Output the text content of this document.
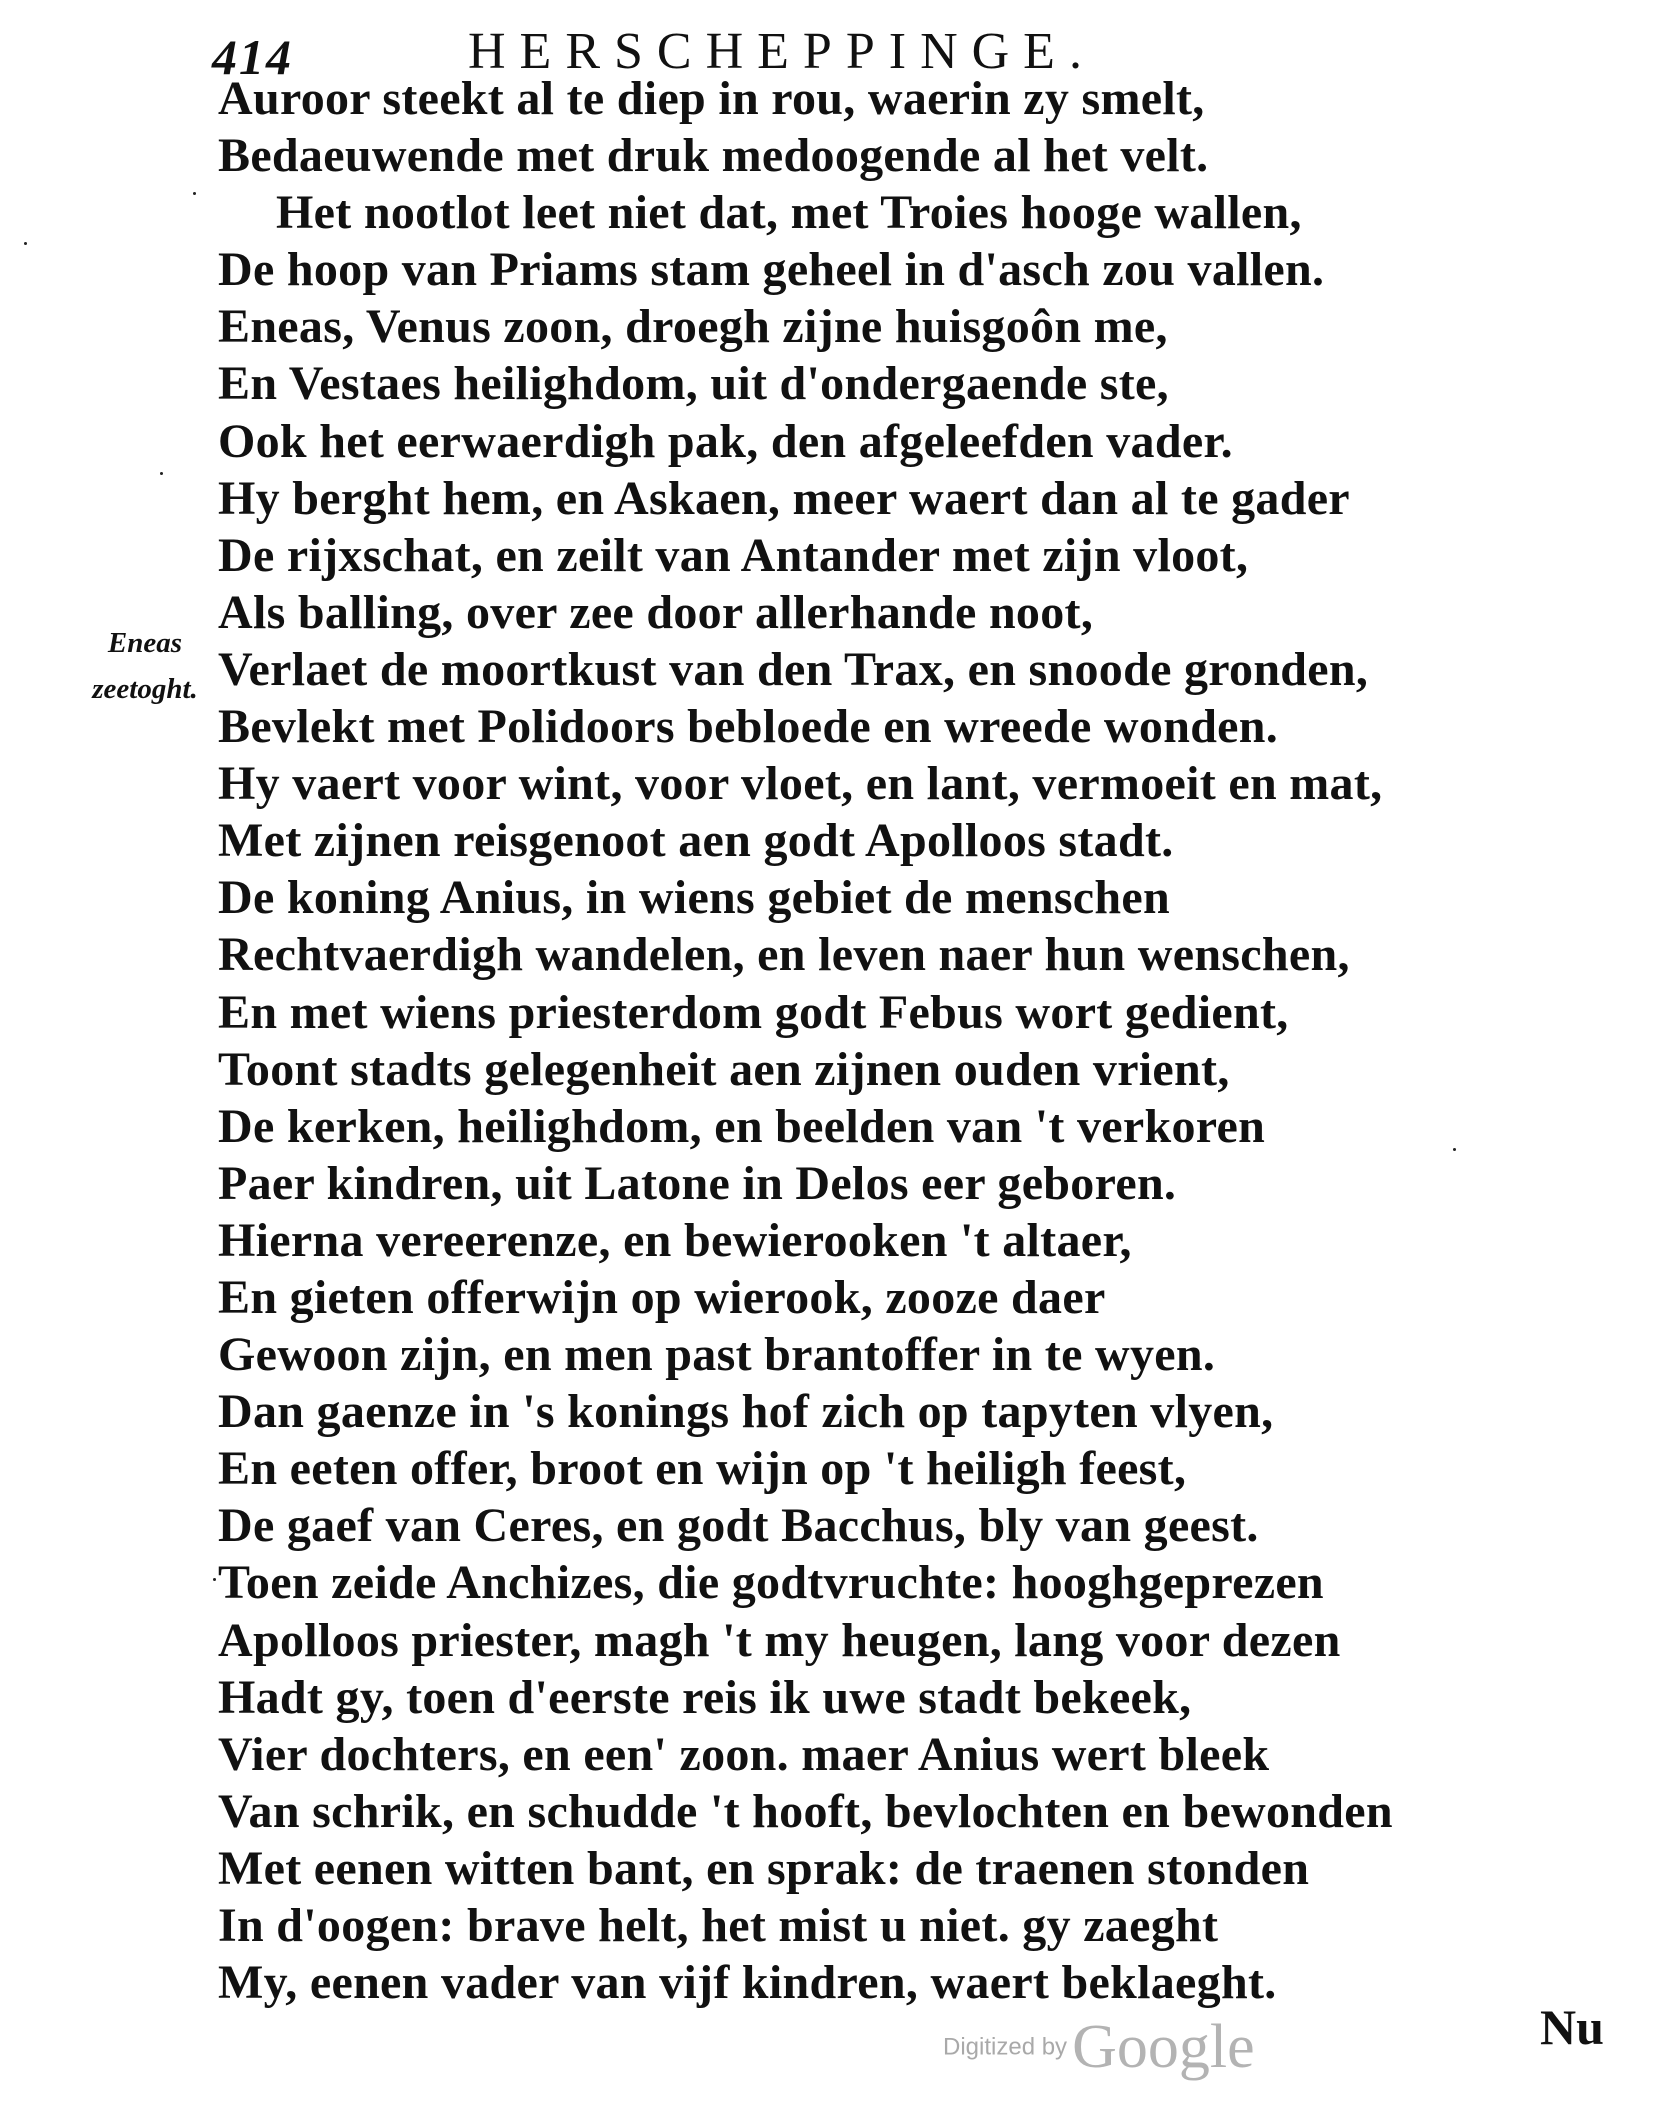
414	HERSCHEPPINGE.
Eneas
zeetoght.
Auroor steekt al te diep in rou, waerin zy smelt,
Bedaeuwende met druk medoogende al het velt.
Het nootlot leet niet dat, met Troies hooge wallen,
De hoop van Priams stam geheel in d'asch zou vallen.
Eneas, Venus zoon, droegh zijne huisgoôn me,
En Vestaes heilighdom, uit d'ondergaende ste,
Ook het eerwaerdigh pak, den afgeleefden vader.
Hy berght hem, en Askaen, meer waert dan al te gader
De rijxschat, en zeilt van Antander met zijn vloot,
Als balling, over zee door allerhande noot,
Verlaet de moortkust van den Trax, en snoode gronden,
Bevlekt met Polidoors bebloede en wreede wonden.
Hy vaert voor wint, voor vloet, en lant, vermoeit en mat,
Met zijnen reisgenoot aen godt Apolloos stadt.
De koning Anius, in wiens gebiet de menschen
Rechtvaerdigh wandelen, en leven naer hun wenschen,
En met wiens priesterdom godt Febus wort gedient,
Toont stadts gelegenheit aen zijnen ouden vrient,
De kerken, heilighdom, en beelden van 't verkoren
Paer kindren, uit Latone in Delos eer geboren.
Hierna vereerenze, en bewierooken 't altaer,
En gieten offerwijn op wierook, zooze daer
Gewoon zijn, en men past brantoffer in te wyen.
Dan gaenze in 's konings hof zich op tapyten vlyen,
En eeten offer, broot en wijn op 't heiligh feest,
De gaef van Ceres, en godt Bacchus, bly van geest.
Toen zeide Anchizes, die godtvruchte: hooghgeprezen
Apolloos priester, magh 't my heugen, lang voor dezen
Hadt gy, toen d'eerste reis ik uwe stadt bekeek,
Vier dochters, en een' zoon. maer Anius wert bleek
Van schrik, en schudde 't hooft, bevlochten en bewonden
Met eenen witten bant, en sprak: de traenen stonden
In d'oogen: brave helt, het mist u niet. gy zaeght
My, eenen vader van vijf kindren, waert beklaeght.
Nu
Digitized by Google
